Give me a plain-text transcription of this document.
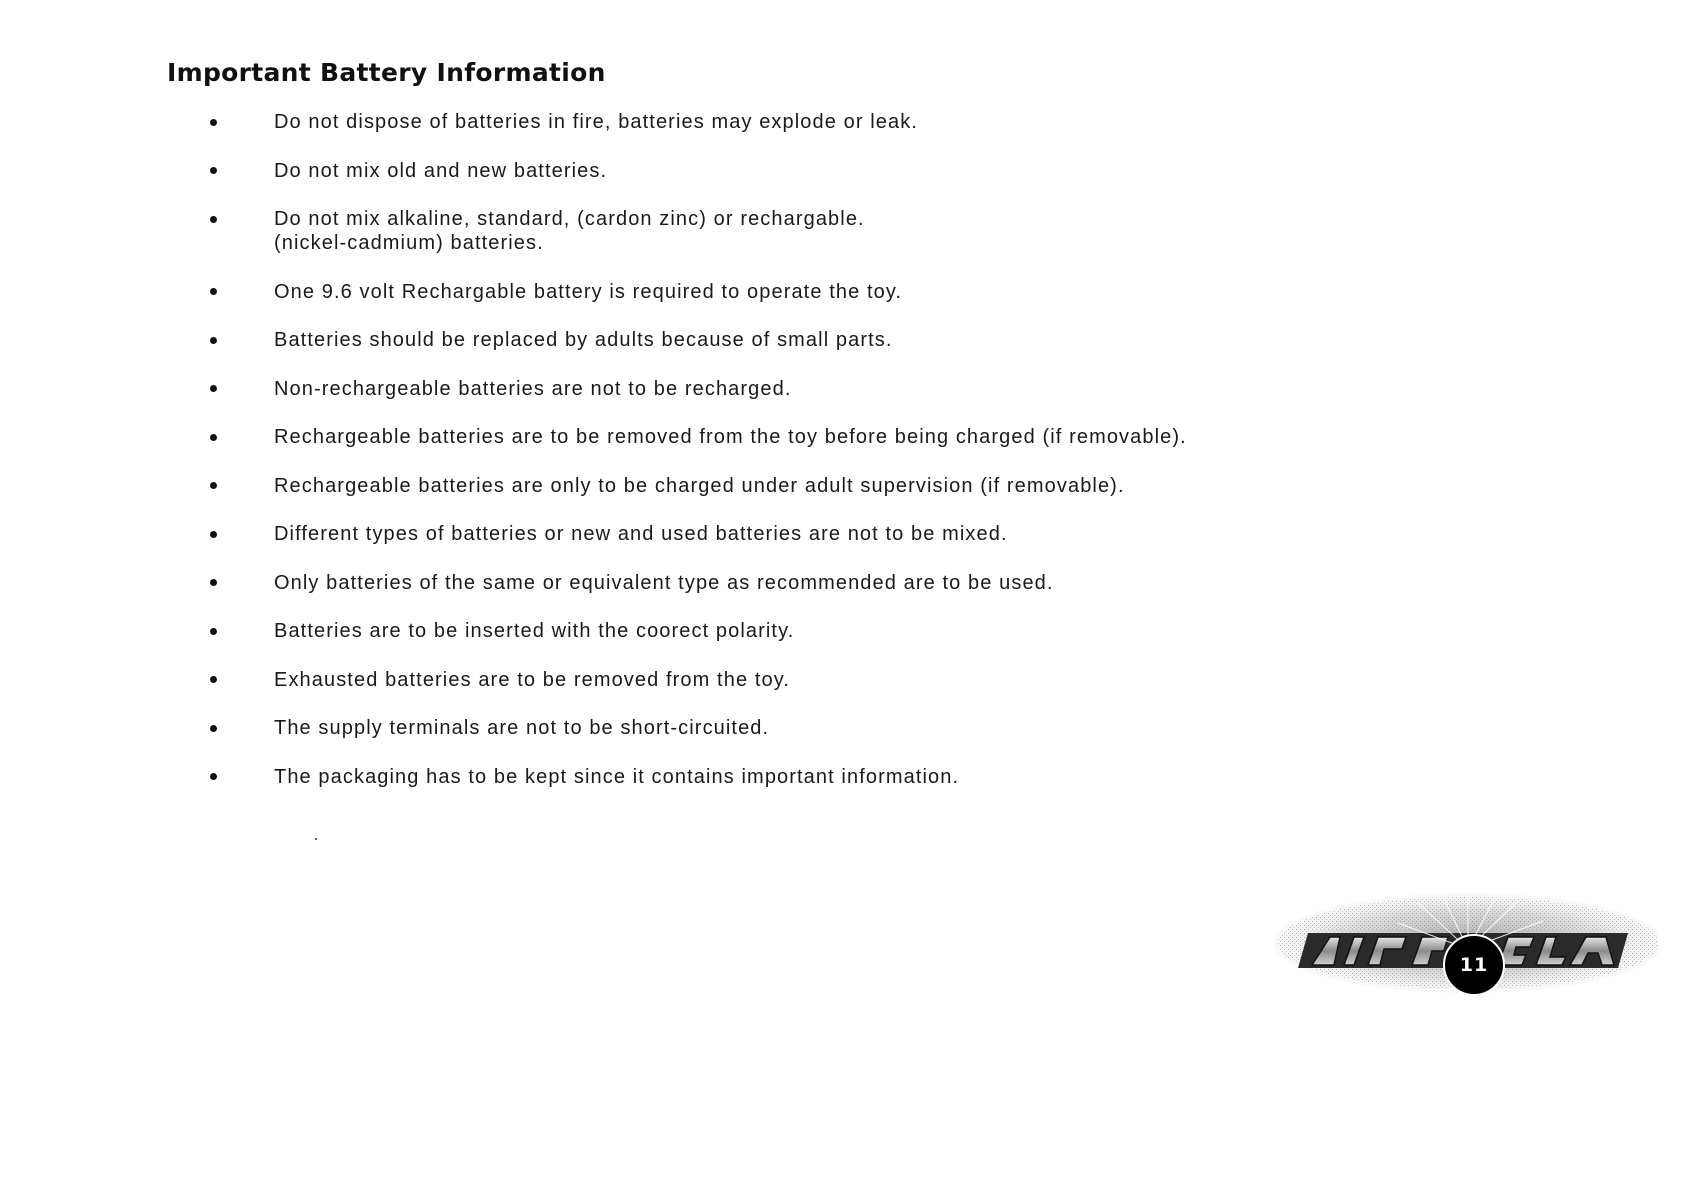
Important Battery Information
Do not dispose of batteries in fire, batteries may explode or leak.
Do not mix old and new batteries.
Do not mix alkaline, standard, (cardon zinc) or rechargable.
(nickel-cadmium) batteries.
One 9.6 volt Rechargable battery is required to operate the toy.
Batteries should be replaced by adults because of small parts.
Non-rechargeable batteries are not to be recharged.
Rechargeable batteries are to be removed from the toy before being charged (if removable).
Rechargeable batteries are only to be charged under adult supervision (if removable).
Different types of batteries or new and used batteries are not to be mixed.
Only batteries of the same or equivalent type as recommended are to be used.
Batteries are to be inserted with the coorect polarity.
Exhausted batteries are to be removed from the toy.
The supply terminals are not to be short-circuited.
The packaging has to be kept since it contains important information.
11
